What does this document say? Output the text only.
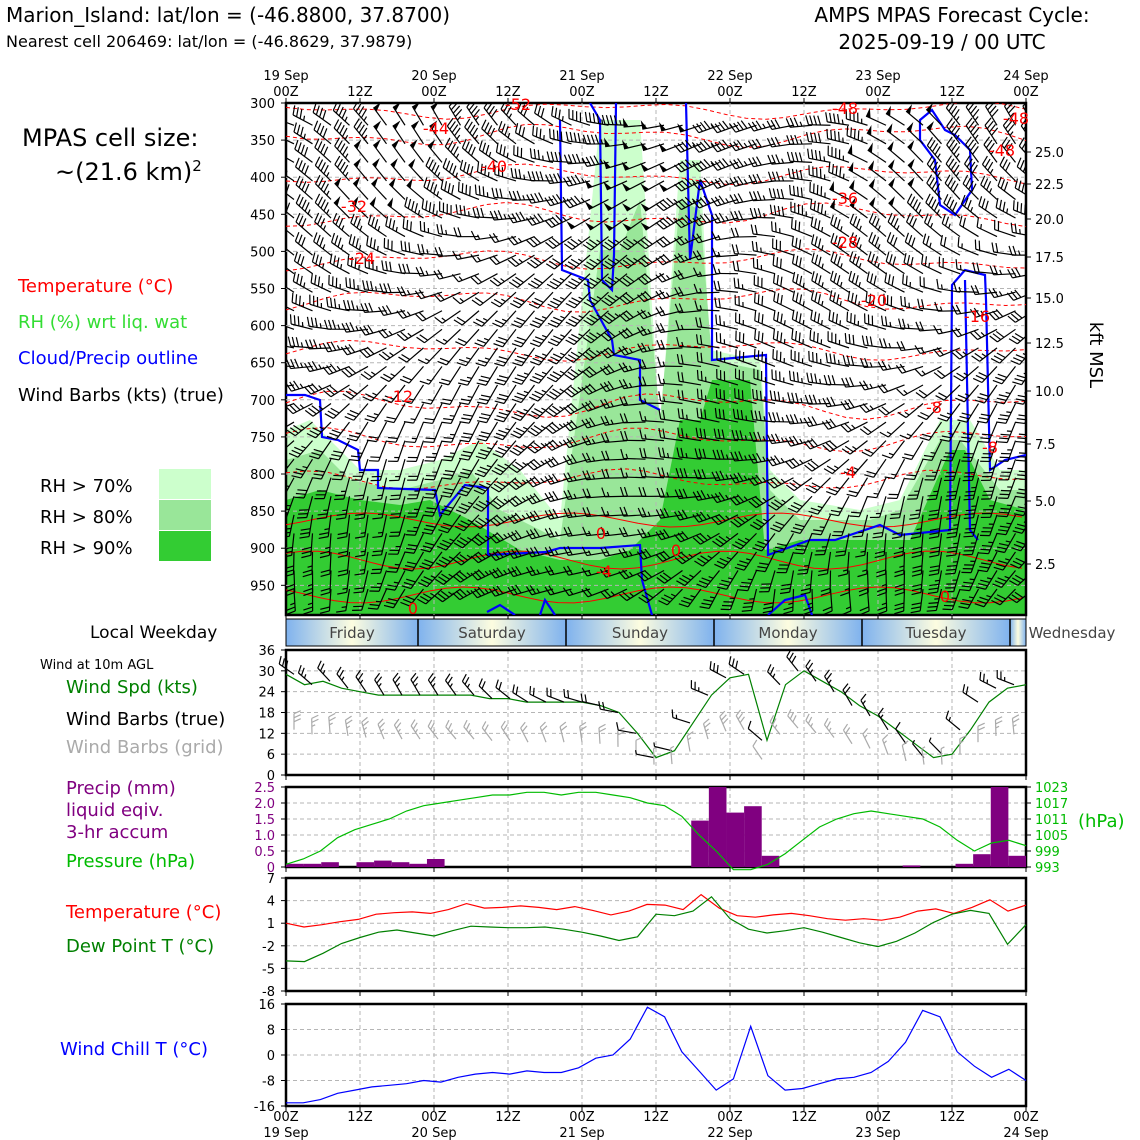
Marion_Island: lat/lon = (-46.8800, 37.8700)
Nearest cell 206469: lat/lon = (-46.8629, 37.9879)
AMPS MPAS Forecast Cycle:
2025-09-19 / 00 UTC
MPAS cell size:
~(21.6 km)$^2$
Temperature (°C)
RH (%) wrt liq. wat
Cloud/Precip outline
Wind Barbs (kts) (true)
RH > 70%
RH > 80%
RH > 90%
-52	-48
-48
-48
-44
-40
-36
-32
-28
-24
-20
-16
-12
-8
-8
-4
-4
0
0
0
0
300
350
400
450
500
550
600
650
700
750
800
850
900
950
25.0
22.5
20.0
17.5
15.0
12.5
10.0
7.5
5.0
2.5
kft MSL
19 Sep
00Z	12Z
20 Sep
00Z	12Z
21 Sep
00Z	12Z
22 Sep
00Z	12Z
23 Sep
00Z	12Z
24 Sep
00Z
Local Weekday	Friday	Saturday	Sunday	Monday	Tuesday	Wednesday
Wind at 10m AGL
Wind Spd (kts)
Wind Barbs (true)
Wind Barbs (grid)
36
30
24
18
12
6
0
Precip (mm)
liquid eqiv.
3-hr accum
Pressure (hPa)
(hPa)
2.5
2.0
1.5
1.0
0.5
0
1023
1017
1011
1005
999
993
Temperature (°C)
Dew Point T (°C)
7
4
1
-2
-5
-8
Wind Chill T (°C)
16
8
0
-8
-16
00Z
19 Sep
12Z	00Z
20 Sep
12Z	00Z
21 Sep
12Z	00Z
22 Sep
12Z	00Z
23 Sep
12Z	00Z
24 Sep
